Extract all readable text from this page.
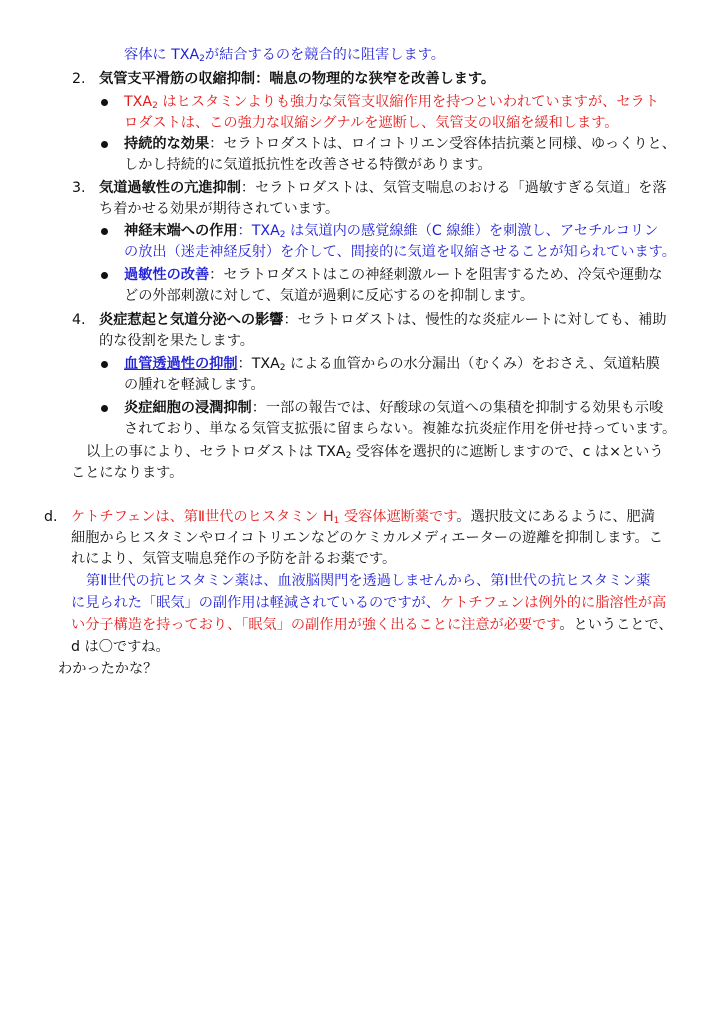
容体に $TXA_2$が結合するのを競合的に阻害します。
2. 気管支平滑筋の収縮抑制：喘息の物理的な狭窄を改善します。
$TXA_2$ はヒスタミンよりも強力な気管支収縮作用を持つといわれていますが、セラト
ロダストは、この強力な収縮シグナルを遮断し、気管支の収縮を緩和します。
持続的な効果：セラトロダストは、ロイコトリエン受容体拮抗薬と同様、ゆっくりと、
しかし持続的に気道抵抗性を改善させる特徴があります。
3. 気道過敏性の亢進抑制：セラトロダストは、気管支喘息のおける「過敏すぎる気道」を落
ち着かせる効果が期待されています。
神経末端への作用：$TXA_2$ は気道内の感覚線維（C 線維）を刺激し、アセチルコリン
の放出（迷走神経反射）を介して、間接的に気道を収縮させることが知られています。
過敏性の改善：セラトロダストはこの神経刺激ルートを阻害するため、冷気や運動な
どの外部刺激に対して、気道が過剰に反応するのを抑制します。
4. 炎症惹起と気道分泌への影響：セラトロダストは、慢性的な炎症ルートに対しても、補助
的な役割を果たします。
血管透過性の抑制：$TXA_2$ による血管からの水分漏出（むくみ）をおさえ、気道粘膜
の腫れを軽減します。
炎症細胞の浸潤抑制：一部の報告では、好酸球の気道への集積を抑制する効果も示唆
されており、単なる気管支拡張に留まらない。複雑な抗炎症作用を併せ持っています。
以上の事により、セラトロダストは $TXA_2$ 受容体を選択的に遮断しますので、c は×という
ことになります。
d. ケトチフェンは、第Ⅱ世代のヒスタミン $H_1$ 受容体遮断薬です。選択肢文にあるように、肥満
細胞からヒスタミンやロイコトリエンなどのケミカルメディエーターの遊離を抑制します。こ
れにより、気管支喘息発作の予防を計るお薬です。
第Ⅱ世代の抗ヒスタミン薬は、血液脳関門を透過しませんから、第Ⅰ世代の抗ヒスタミン薬
に見られた「眠気」の副作用は軽減されているのですが、ケトチフェンは例外的に脂溶性が高
い分子構造を持っており、「眠気」の副作用が強く出ることに注意が必要です。ということで、
d は〇ですね。
わかったかな？
